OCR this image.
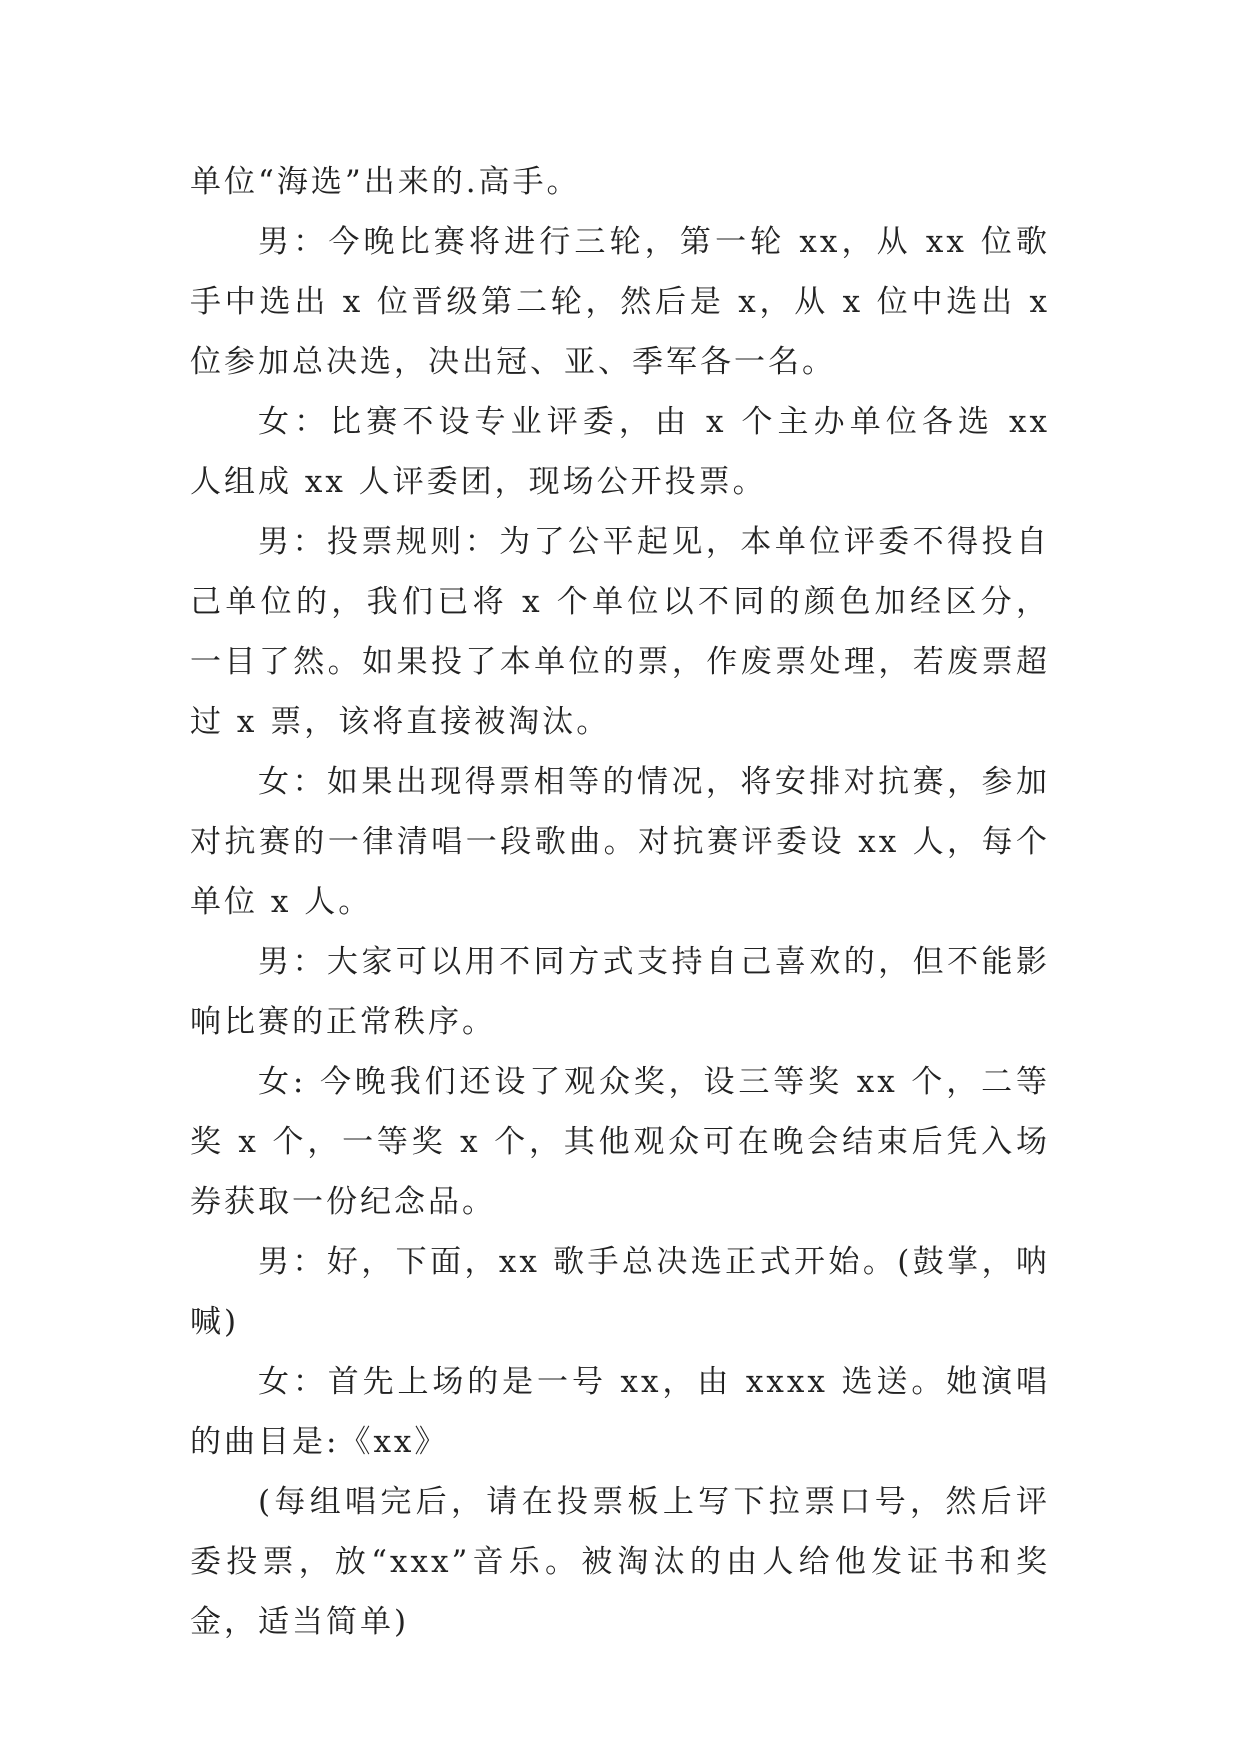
单位“海选”出来的.高手。

男：今晚比赛将进行三轮，第一轮 xx，从 xx 位歌手中选出 x 位晋级第二轮，然后是 x，从 x 位中选出 x 位参加总决选，决出冠、亚、季军各一名。

女：比赛不设专业评委，由 x 个主办单位各选 xx 人组成 xx 人评委团，现场公开投票。

男：投票规则：为了公平起见，本单位评委不得投自己单位的，我们已将 x 个单位以不同的颜色加经区分，一目了然。如果投了本单位的票，作废票处理，若废票超过 x 票，该将直接被淘汰。

女：如果出现得票相等的情况，将安排对抗赛，参加对抗赛的一律清唱一段歌曲。对抗赛评委设 xx 人，每个单位 x 人。

男：大家可以用不同方式支持自己喜欢的，但不能影响比赛的正常秩序。

女: 今晚我们还设了观众奖，设三等奖 xx 个，二等奖 x 个，一等奖 x 个，其他观众可在晚会结束后凭入场券获取一份纪念品。

男：好，下面，xx 歌手总决选正式开始。(鼓掌，呐喊)

女：首先上场的是一号 xx，由 xxxx 选送。她演唱的曲目是:《xx》

(每组唱完后，请在投票板上写下拉票口号，然后评委投票，放“xxx”音乐。被淘汰的由人给他发证书和奖金，适当简单)
